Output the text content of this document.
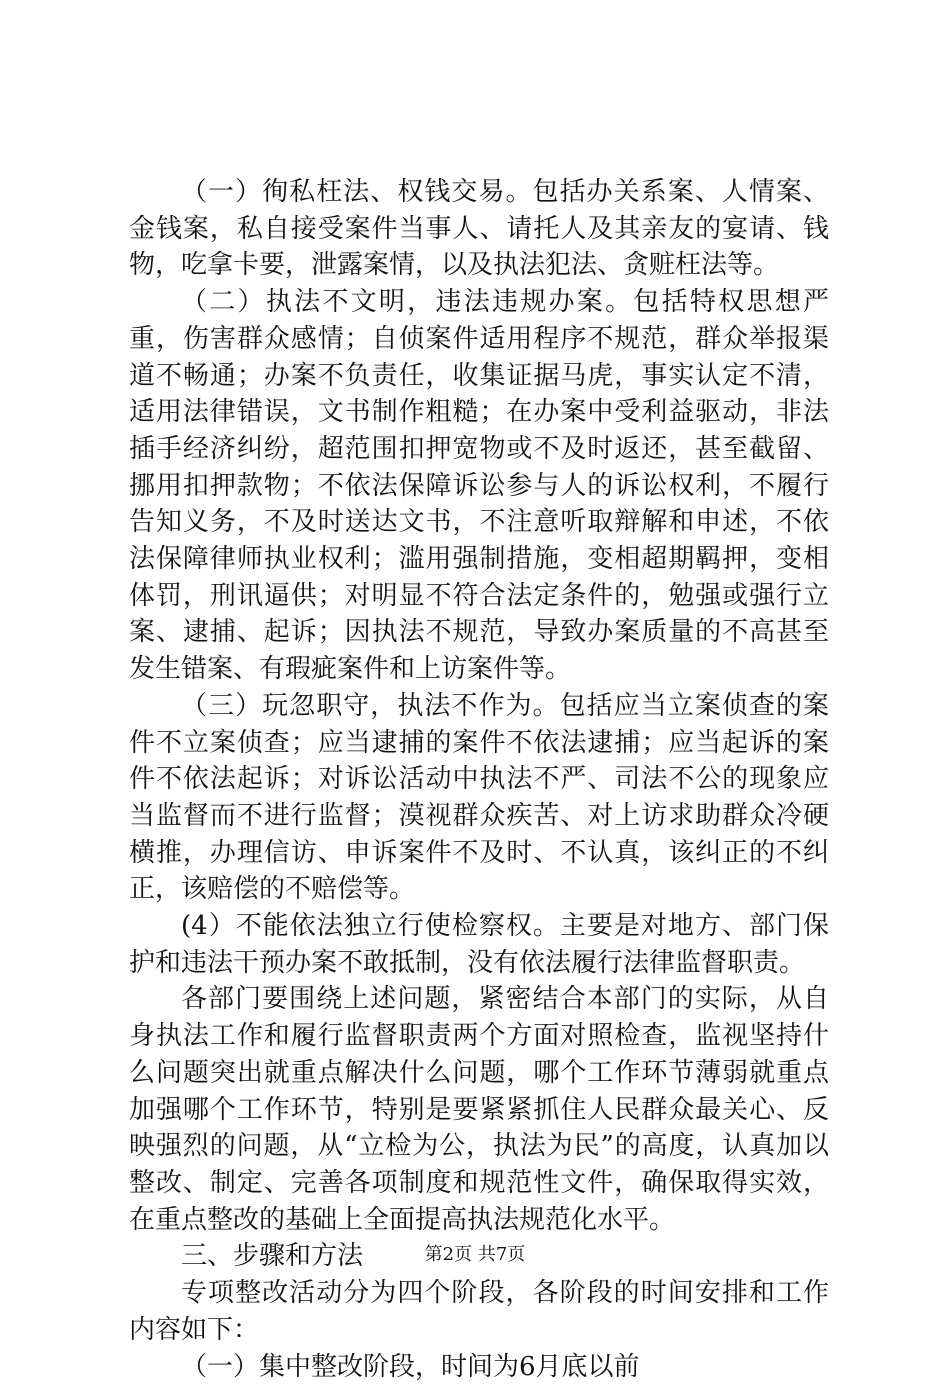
（一）徇私枉法、权钱交易。包括办关系案、人情案、金钱案，私自接受案件当事人、请托人及其亲友的宴请、钱物，吃拿卡要，泄露案情，以及执法犯法、贪赃枉法等。

（二）执法不文明，违法违规办案。包括特权思想严重，伤害群众感情；自侦案件适用程序不规范，群众举报渠道不畅通；办案不负责任，收集证据马虎，事实认定不清，适用法律错误，文书制作粗糙；在办案中受利益驱动，非法插手经济纠纷，超范围扣押宽物或不及时返还，甚至截留、挪用扣押款物；不依法保障诉讼参与人的诉讼权利，不履行告知义务，不及时送达文书，不注意听取辩解和申述，不依法保障律师执业权利；滥用强制措施，变相超期羁押，变相体罚，刑讯逼供；对明显不符合法定条件的，勉强或强行立案、逮捕、起诉；因执法不规范，导致办案质量的不高甚至发生错案、有瑕疵案件和上访案件等。

（三）玩忽职守，执法不作为。包括应当立案侦查的案件不立案侦查；应当逮捕的案件不依法逮捕；应当起诉的案件不依法起诉；对诉讼活动中执法不严、司法不公的现象应当监督而不进行监督；漠视群众疾苦、对上访求助群众冷硬横推，办理信访、申诉案件不及时、不认真，该纠正的不纠正，该赔偿的不赔偿等。

(4）不能依法独立行使检察权。主要是对地方、部门保护和违法干预办案不敢抵制，没有依法履行法律监督职责。

各部门要围绕上述问题，紧密结合本部门的实际，从自身执法工作和履行监督职责两个方面对照检查，监视坚持什么问题突出就重点解决什么问题，哪个工作环节薄弱就重点加强哪个工作环节，特别是要紧紧抓住人民群众最关心、反映强烈的问题，从“立检为公，执法为民”的高度，认真加以整改、制定、完善各项制度和规范性文件，确保取得实效，在重点整改的基础上全面提高执法规范化水平。

三、步骤和方法

专项整改活动分为四个阶段，各阶段的时间安排和工作内容如下：

（一）集中整改阶段，时间为6月底以前

第2页 共7页
